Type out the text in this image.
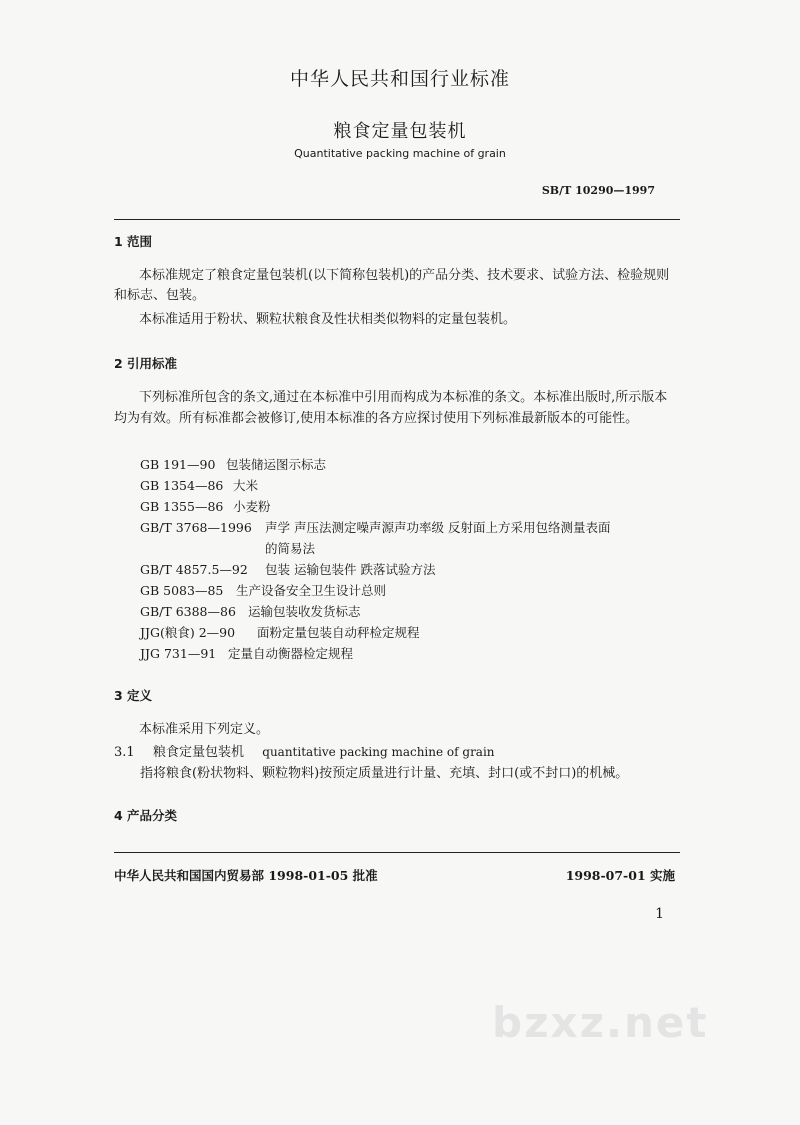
中华人民共和国行业标准
粮食定量包装机
Quantitative packing machine of grain
SB/T 10290—1997
1 范围
本标准规定了粮食定量包装机(以下简称包装机)的产品分类、技术要求、试验方法、检验规则和标志、包装。
本标准适用于粉状、颗粒状粮食及性状相类似物料的定量包装机。
2 引用标准
下列标准所包含的条文,通过在本标准中引用而构成为本标准的条文。本标准出版时,所示版本均为有效。所有标准都会被修订,使用本标准的各方应探讨使用下列标准最新版本的可能性。
GB 191—90 包装储运图示标志
GB 1354—86 大米
GB 1355—86 小麦粉
GB/T 3768—1996 声学 声压法测定噪声源声功率级 反射面上方采用包络测量表面
的简易法
GB/T 4857.5—92 包装 运输包装件 跌落试验方法
GB 5083—85 生产设备安全卫生设计总则
GB/T 6388—86 运输包装收发货标志
JJG(粮食) 2—90 面粉定量包装自动秤检定规程
JJG 731—91 定量自动衡器检定规程
3 定义
本标准采用下列定义。
3.1 粮食定量包装机 quantitative packing machine of grain
指将粮食(粉状物料、颗粒物料)按预定质量进行计量、充填、封口(或不封口)的机械。
4 产品分类
中华人民共和国国内贸易部 1998-01-05 批准	1998-07-01 实施
1
bzxz.net
